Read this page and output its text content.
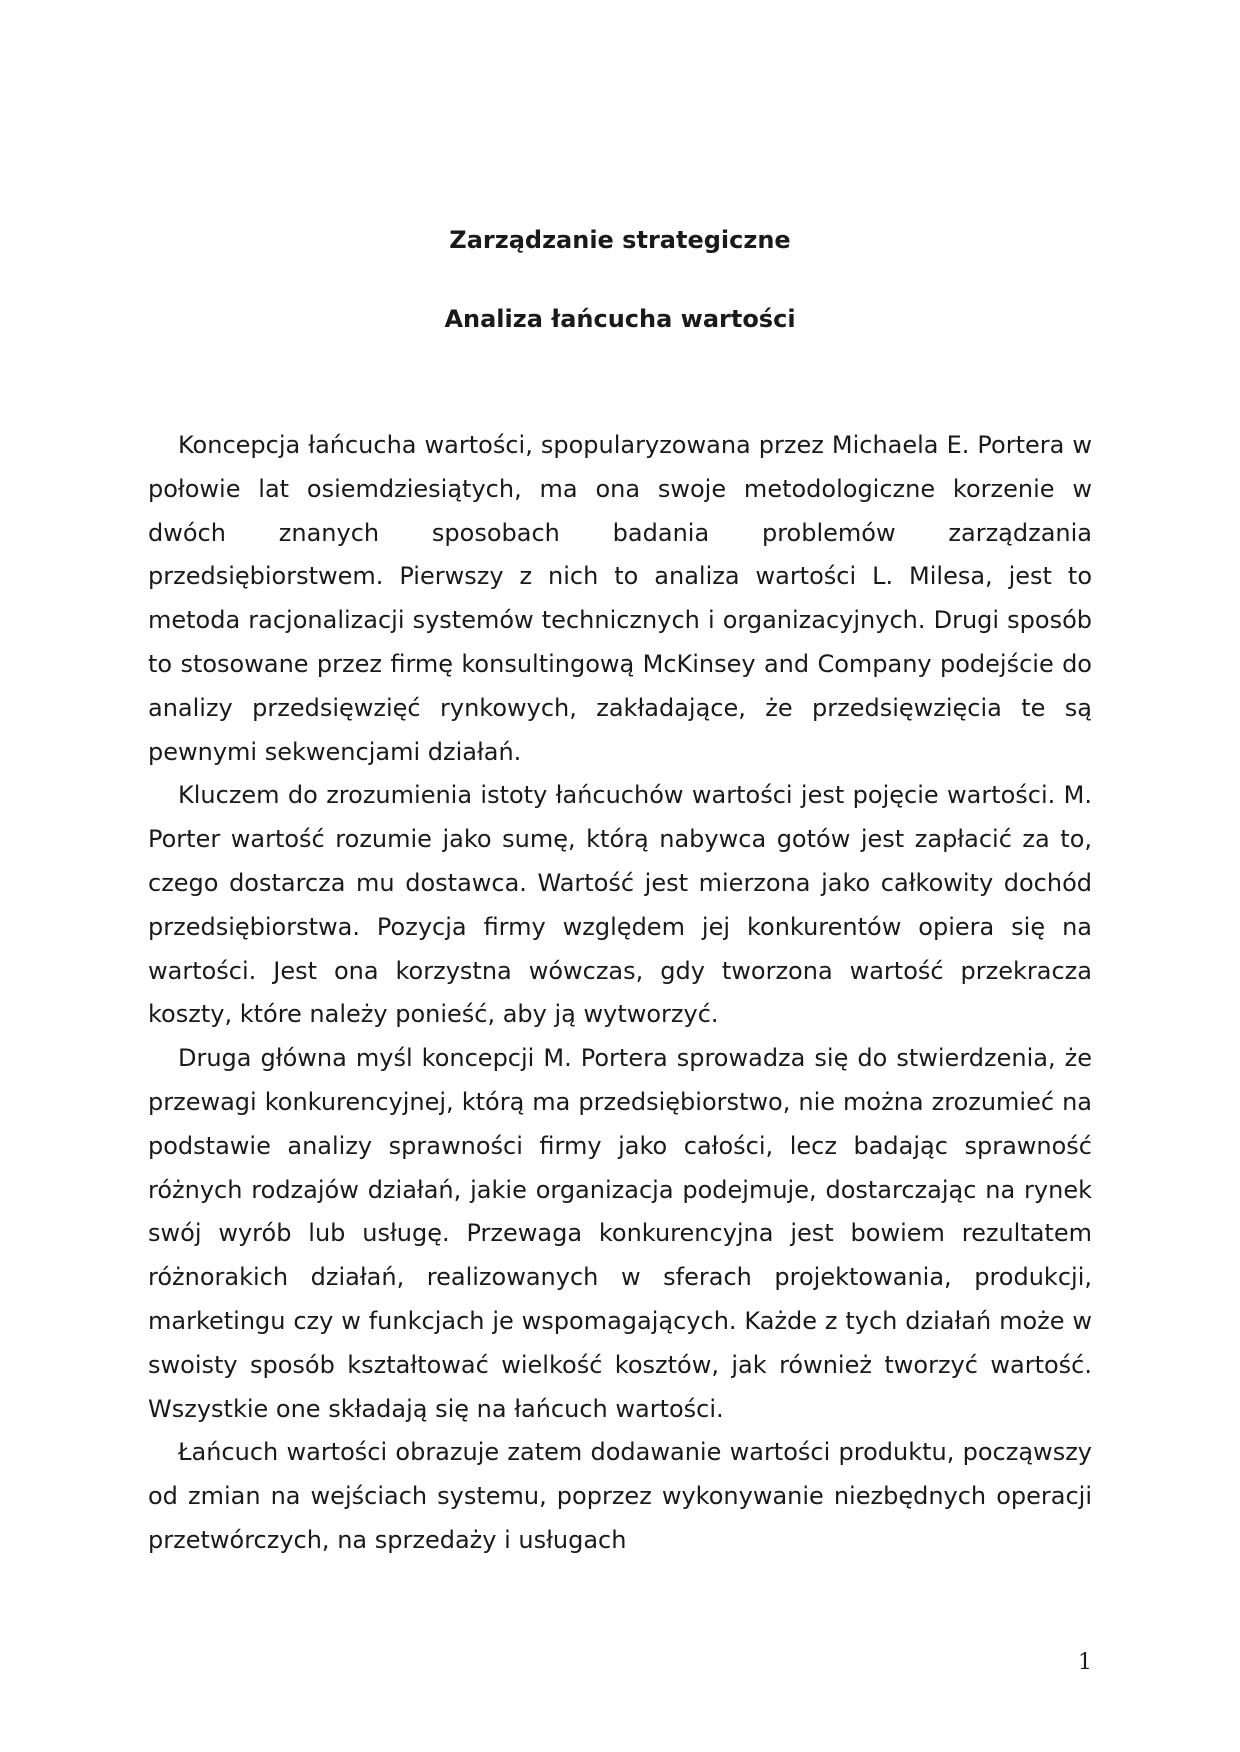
Zarządzanie strategiczne
Analiza łańcucha wartości

Koncepcja łańcucha wartości, spopularyzowana przez Michaela E. Portera w połowie lat osiemdziesiątych, ma ona swoje metodologiczne korzenie w dwóch znanych sposobach badania problemów zarządzania przedsiębiorstwem. Pierwszy z nich to analiza wartości L. Milesa, jest to metoda racjonalizacji systemów technicznych i organizacyjnych. Drugi sposób to stosowane przez firmę konsultingową McKinsey and Company podejście do analizy przedsięwzięć rynkowych, zakładające, że przedsięwzięcia te są pewnymi sekwencjami działań.

Kluczem do zrozumienia istoty łańcuchów wartości jest pojęcie wartości. M. Porter wartość rozumie jako sumę, którą nabywca gotów jest zapłacić za to, czego dostarcza mu dostawca. Wartość jest mierzona jako całkowity dochód przedsiębiorstwa. Pozycja firmy względem jej konkurentów opiera się na wartości. Jest ona korzystna wówczas, gdy tworzona wartość przekracza koszty, które należy ponieść, aby ją wytworzyć.

Druga główna myśl koncepcji M. Portera sprowadza się do stwierdzenia, że przewagi konkurencyjnej, którą ma przedsiębiorstwo, nie można zrozumieć na podstawie analizy sprawności firmy jako całości, lecz badając sprawność różnych rodzajów działań, jakie organizacja podejmuje, dostarczając na rynek swój wyrób lub usługę. Przewaga konkurencyjna jest bowiem rezultatem różnorakich działań, realizowanych w sferach projektowania, produkcji, marketingu czy w funkcjach je wspomagających. Każde z tych działań może w swoisty sposób kształtować wielkość kosztów, jak również tworzyć wartość. Wszystkie one składają się na łańcuch wartości.

Łańcuch wartości obrazuje zatem dodawanie wartości produktu, począwszy od zmian na wejściach systemu, poprzez wykonywanie niezbędnych operacji przetwórczych, na sprzedaży i usługach

1
